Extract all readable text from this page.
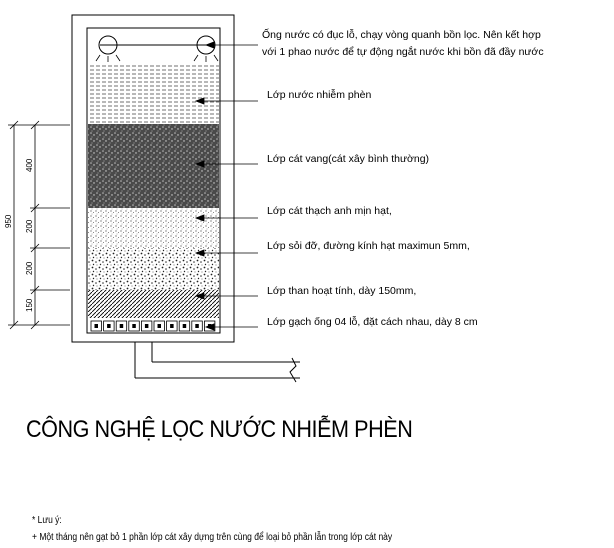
Ống nước có đục lỗ, chạy vòng quanh bồn lọc. Nên kết hợp
với 1 phao nước để tự động ngắt nước khi bồn đã đầy nước
Lớp nước nhiễm phèn
Lớp cát vang(cát xây bình thường)
Lớp cát thạch anh mịn hạt,
Lớp sỏi đỡ, đường kính hạt maximun 5mm,
Lớp than hoạt tính, dày 150mm,
Lớp gạch ống 04 lỗ, đặt cách nhau, dày 8 cm
950
400
200
200
150
CÔNG NGHỆ LỌC NƯỚC NHIỄM PHÈN
* Lưu ý:
+ Một tháng nên gạt bỏ 1 phần lớp cát xây dựng trên cùng để loại bỏ phần lẫn trong lớp cát này
